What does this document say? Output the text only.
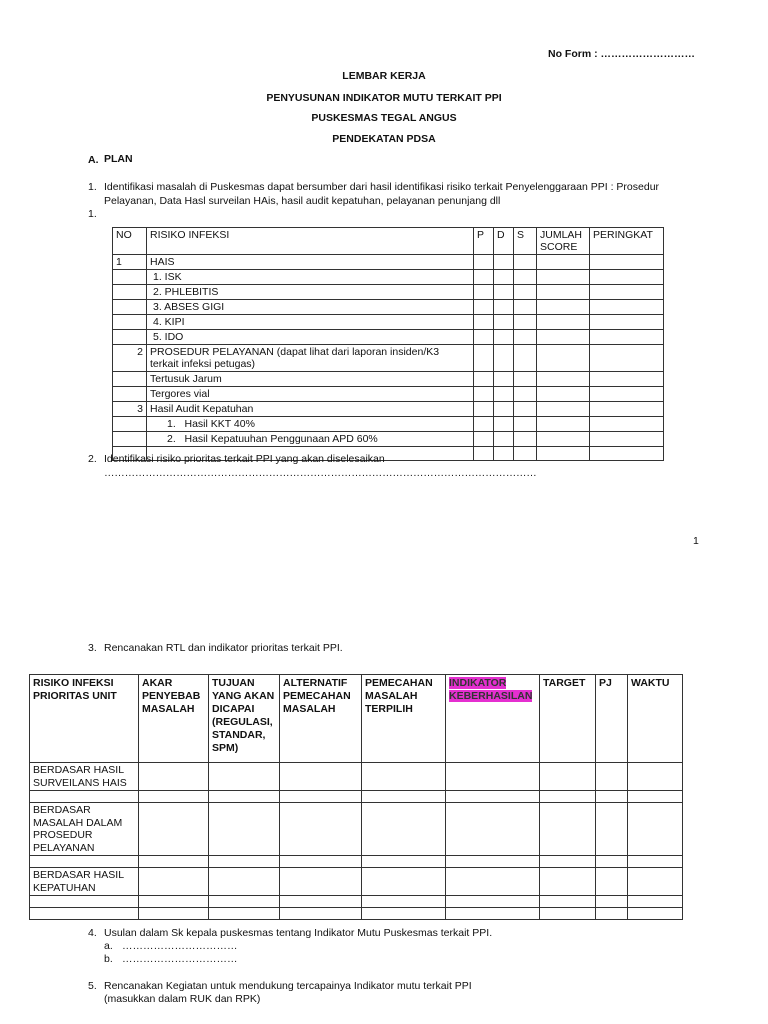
No Form : ………………………
LEMBAR KERJA
PENYUSUNAN INDIKATOR MUTU TERKAIT PPI
PUSKESMAS TEGAL ANGUS
PENDEKATAN PDSA
A. PLAN
1. Identifikasi masalah di Puskesmas dapat bersumber dari hasil identifikasi risiko terkait Penyelenggaraan PPI : Prosedur
Pelayanan, Data Hasl surveilan HAis, hasil audit kepatuhan, pelayanan penunjang dll
1.
NO	RISIKO INFEKSI	P	D	S	JUMLAH SCORE	PERINGKAT
1	HAIS					
	1. ISK					
	2. PHLEBITIS					
	3. ABSES GIGI					
	4. KIPI					
	5. IDO					
2	PROSEDUR PELAYANAN (dapat lihat dari laporan insiden/K3 terkait infeksi petugas)					
	Tertusuk Jarum					
	Tergores vial					
3	Hasil Audit Kepatuhan					
	1.   Hasil KKT 40%					
	2.   Hasil Kepatuuhan Penggunaan APD 60%					

2. Identifikasi risiko prioritas terkait PPI yang akan diselesaikan
………………………………………………………………………………………………………………
1
3. Rencanakan RTL dan indikator prioritas terkait PPI.
RISIKO INFEKSI PRIORITAS UNIT	AKAR PENYEBAB MASALAH	TUJUAN YANG AKAN DICAPAI (REGULASI, STANDAR, SPM)	ALTERNATIF PEMECAHAN MASALAH	PEMECAHAN MASALAH TERPILIH	INDIKATOR KEBERHASILAN	TARGET	PJ	WAKTU
BERDASAR HASIL SURVEILANS HAIS								

BERDASAR MASALAH DALAM PROSEDUR PELAYANAN								

BERDASAR HASIL KEPATUHAN								

4. Usulan dalam Sk kepala puskesmas tentang Indikator Mutu Puskesmas terkait PPI.
a. ……………………………
b. ……………………………
5. Rencanakan Kegiatan untuk mendukung tercapainya Indikator mutu terkait PPI
(masukkan dalam RUK dan RPK)
